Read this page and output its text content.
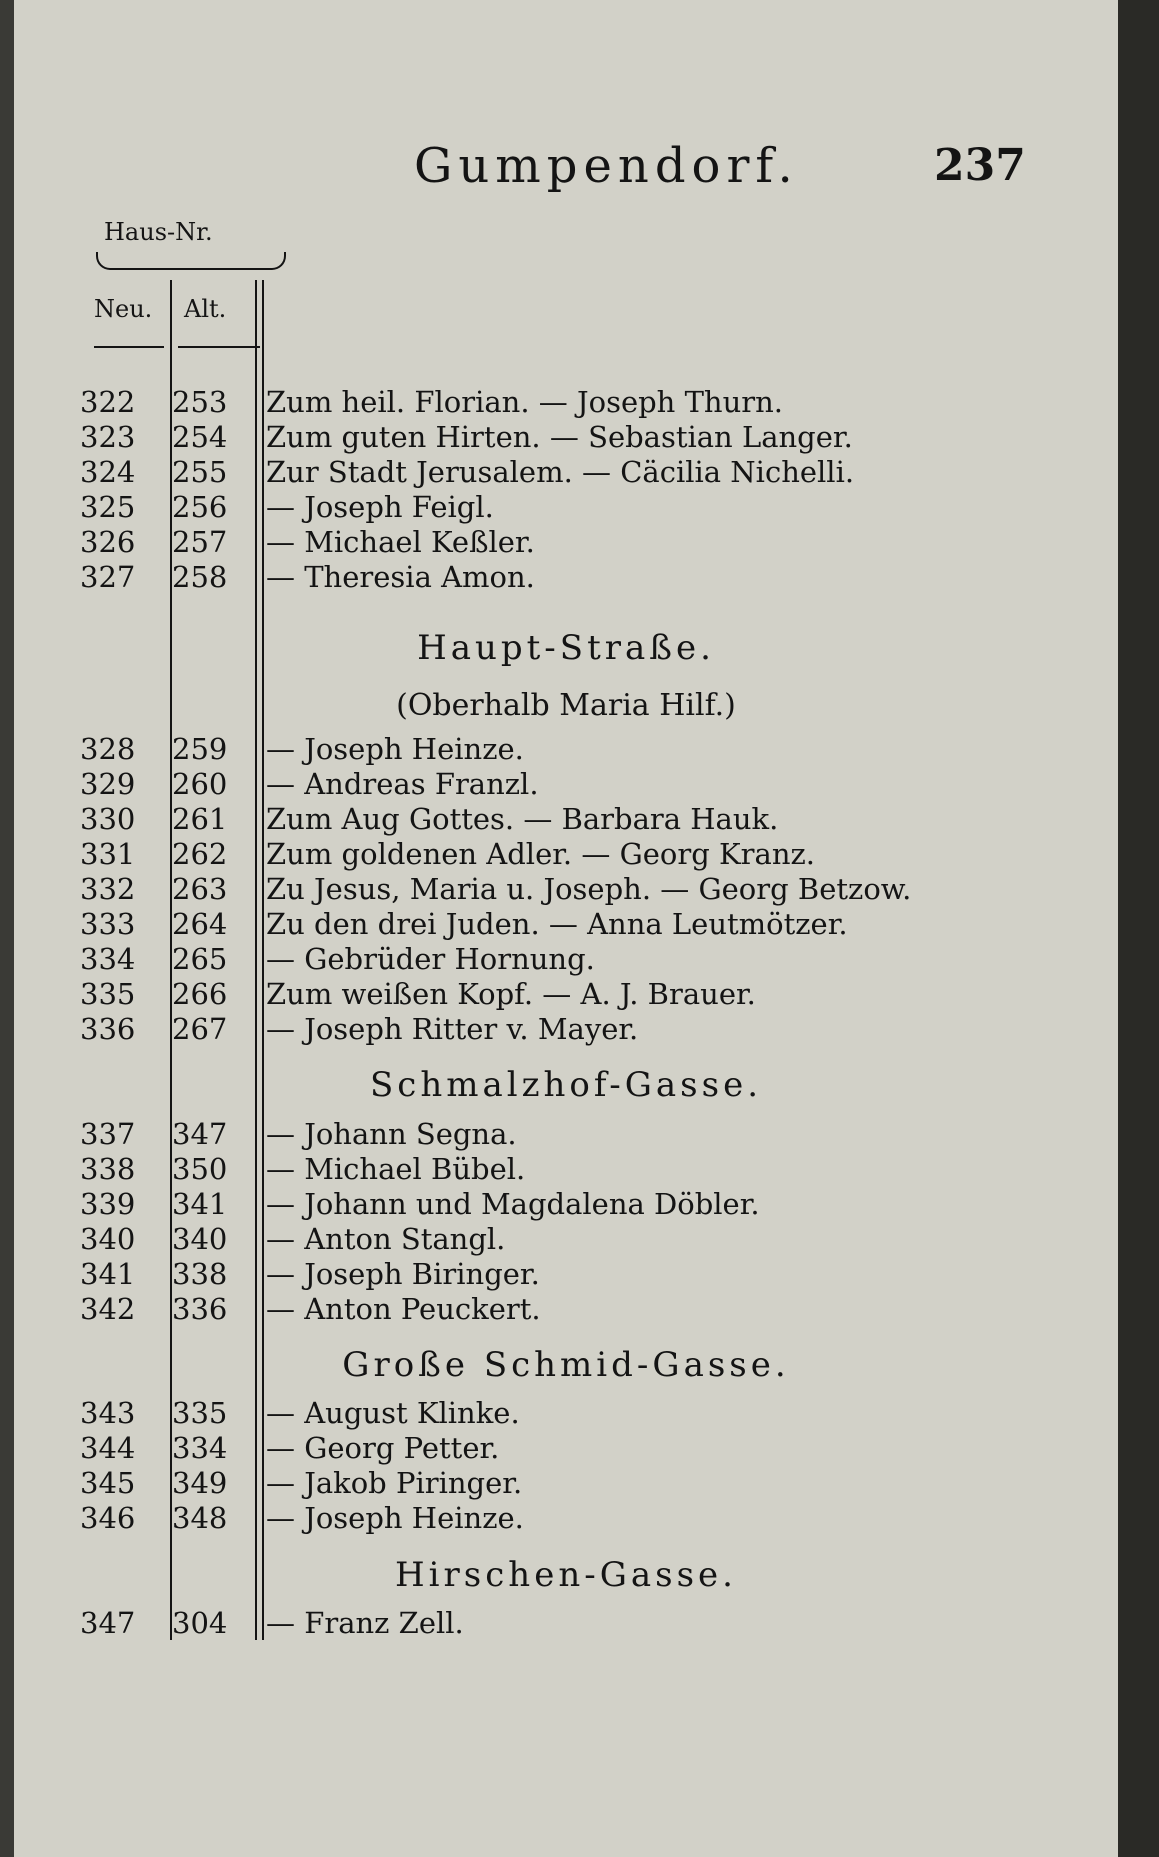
Gumpendorf.	237
Haus-Nr.
Neu. Alt.
322 253 Zum heil. Florian. — Joseph Thurn.
323 254 Zum guten Hirten. — Sebastian Langer.
324 255 Zur Stadt Jerusalem. — Cäcilia Nichelli.
325 256 — Joseph Feigl.
326 257 — Michael Keßler.
327 258 — Theresia Amon.
Haupt-Straße.
(Oberhalb Maria Hilf.)
328 259 — Joseph Heinze.
329 260 — Andreas Franzl.
330 261 Zum Aug Gottes. — Barbara Hauk.
331 262 Zum goldenen Adler. — Georg Kranz.
332 263 Zu Jesus, Maria u. Joseph. — Georg Betzow.
333 264 Zu den drei Juden. — Anna Leutmötzer.
334 265 — Gebrüder Hornung.
335 266 Zum weißen Kopf. — A. J. Brauer.
336 267 — Joseph Ritter v. Mayer.
Schmalzhof-Gasse.
337 347 — Johann Segna.
338 350 — Michael Bübel.
339 341 — Johann und Magdalena Döbler.
340 340 — Anton Stangl.
341 338 — Joseph Biringer.
342 336 — Anton Peuckert.
Große Schmid-Gasse.
343 335 — August Klinke.
344 334 — Georg Petter.
345 349 — Jakob Piringer.
346 348 — Joseph Heinze.
Hirschen-Gasse.
347 304 — Franz Zell.
